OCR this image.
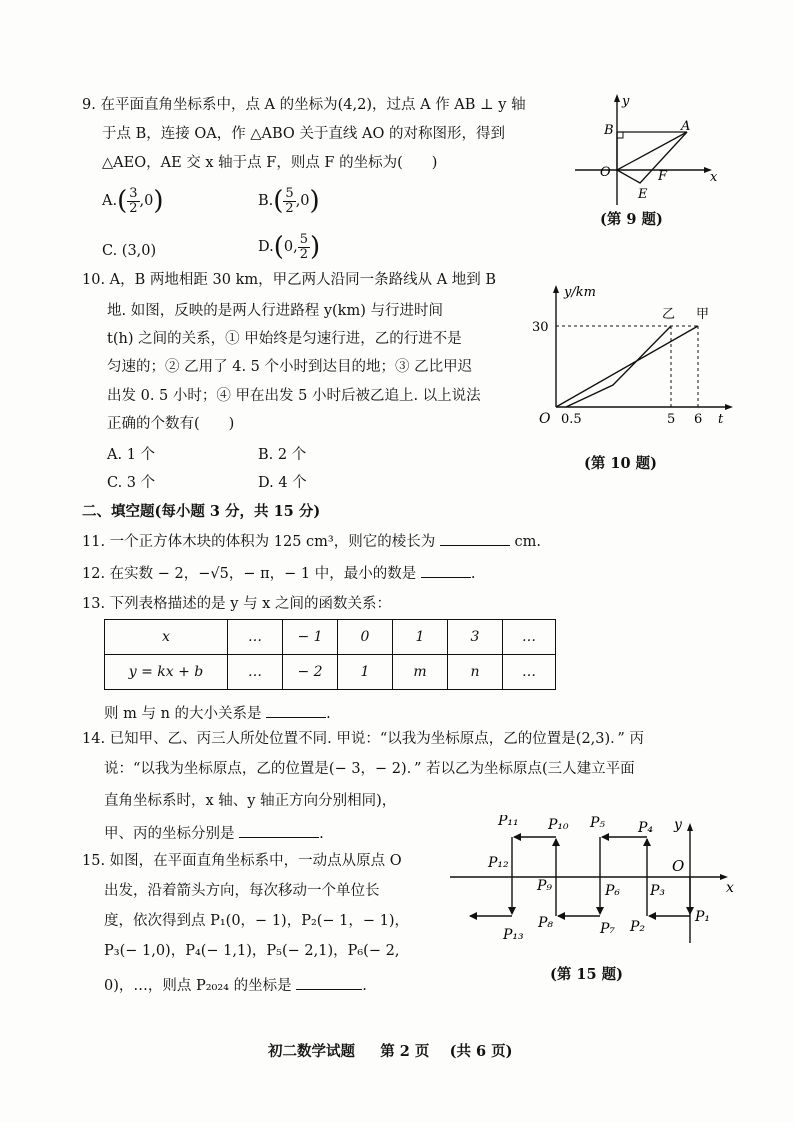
9. 在平面直角坐标系中，点 A 的坐标为(4,2)，过点 A 作 AB ⊥ y 轴
于点 B，连接 OA，作 △ABO 关于直线 AO 的对称图形，得到
△AEO，AE 交 x 轴于点 F，则点 F 的坐标为(　　)
$A.( \frac{3}{2} ,0)$	$B.( \frac{5}{2} ,0)$
C. (3,0)	D.(0, $\frac{5}{2}$ )
y
x
O
B	A
E
F
(第 9 题)
10. A，B 两地相距 30 km，甲乙两人沿同一条路线从 A 地到 B
地. 如图，反映的是两人行进路程 y(km) 与行进时间
t(h) 之间的关系，① 甲始终是匀速行进，乙的行进不是
匀速的；② 乙用了 4. 5 个小时到达目的地；③ 乙比甲迟
出发 0. 5 小时；④ 甲在出发 5 小时后被乙追上. 以上说法
正确的个数有(　　)
A. 1 个	B. 2 个
C. 3 个	D. 4 个
y/km
30
乙 甲
O 0.5	5 6 t
(第 10 题)
二、填空题(每小题 3 分，共 15 分)
11. 一个正方体木块的体积为 125 cm³，则它的棱长为	cm.
12. 在实数 − 2，−√5，− π，− 1 中，最小的数是	.
13. 下列表格描述的是 y 与 x 之间的函数关系：
x	…	− 1	0	1	3	…
y = kx + b	…	− 2	1	m	n	…
则 m 与 n 的大小关系是	.
14. 已知甲、乙、丙三人所处位置不同. 甲说：“以我为坐标原点，乙的位置是(2,3)．” 丙
说：“以我为坐标原点，乙的位置是(− 3，− 2)．” 若以乙为坐标原点(三人建立平面
直角坐标系时，x 轴、y 轴正方向分别相同)，
甲、丙的坐标分别是	.
15. 如图，在平面直角坐标系中，一动点从原点 O
出发，沿着箭头方向，每次移动一个单位长
度，依次得到点 P₁(0，− 1)，P₂(− 1，− 1)，
P₃(− 1,0)，P₄(− 1,1)，P₅(− 2,1)，P₆(− 2,
0)，…，则点 P₂₀₂₄ 的坐标是	.
y
x
O
P₁
P₂
P₃
P₄
P₅
P₆
P₇
P₈
P₉
P₁₀
P₁₁
P₁₂
P₁₃
(第 15 题)
初二数学试题 第 2 页 (共 6 页)
